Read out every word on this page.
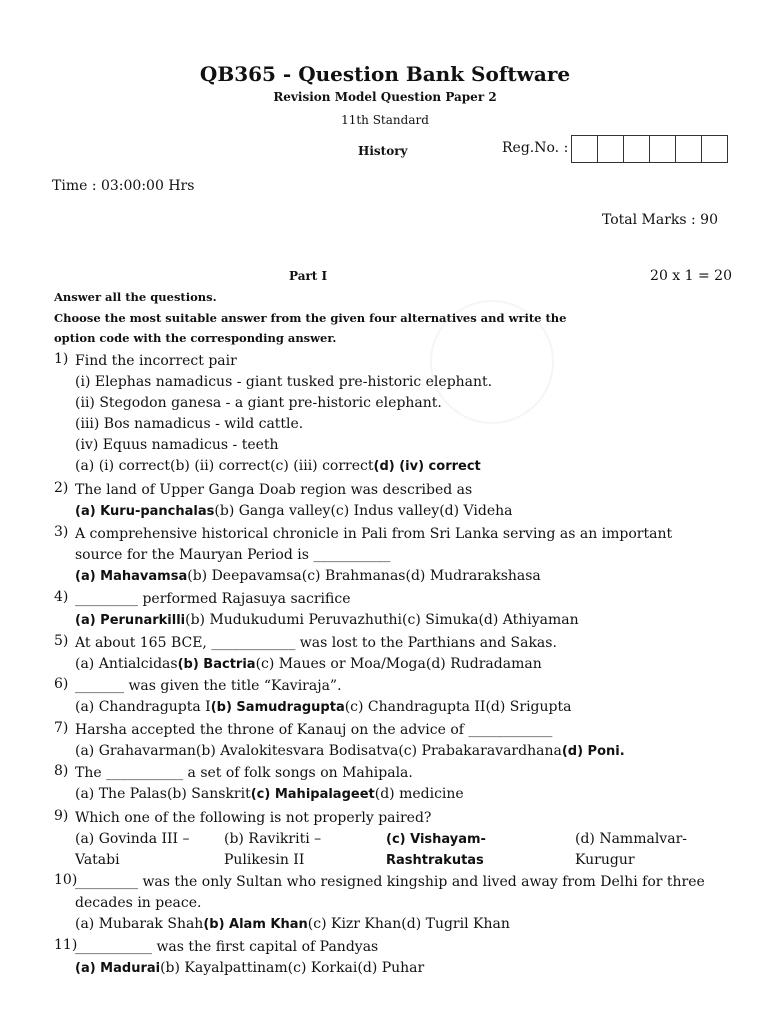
QB365 - Question Bank Software
Revision Model Question Paper 2
11th Standard
History	Reg.No. :
Time : 03:00:00 Hrs
Total Marks : 90
Part I	20 x 1 = 20
Answer all the questions.
Choose the most suitable answer from the given four alternatives and write the
option code with the corresponding answer.
1) Find the incorrect pair
(i) Elephas namadicus - giant tusked pre-historic elephant.
(ii) Stegodon ganesa - a giant pre-historic elephant.
(iii) Bos namadicus - wild cattle.
(iv) Equus namadicus - teeth
(a) (i) correct(b) (ii) correct(c) (iii) correct(d) (iv) correct
2) The land of Upper Ganga Doab region was described as
(a) Kuru-panchalas(b) Ganga valley(c) Indus valley(d) Videha
3) A comprehensive historical chronicle in Pali from Sri Lanka serving as an important
source for the Mauryan Period is ___________
(a) Mahavamsa(b) Deepavamsa(c) Brahmanas(d) Mudrarakshasa
4) _________ performed Rajasuya sacrifice
(a) Perunarkilli(b) Mudukudumi Peruvazhuthi(c) Simuka(d) Athiyaman
5) At about 165 BCE, ____________ was lost to the Parthians and Sakas.
(a) Antialcidas(b) Bactria(c) Maues or Moa/Moga(d) Rudradaman
6) _______ was given the title “Kaviraja”.
(a) Chandragupta I(b) Samudragupta(c) Chandragupta II(d) Srigupta
7) Harsha accepted the throne of Kanauj on the advice of ____________
(a) Grahavarman(b) Avalokitesvara Bodisatva(c) Prabakaravardhana(d) Poni.
8) The ___________ a set of folk songs on Mahipala.
(a) The Palas(b) Sanskrit(c) Mahipalageet(d) medicine
9) Which one of the following is not properly paired?
(a) Govinda III –	(b) Ravikriti –	(c) Vishayam-	(d) Nammalvar-
Vatabi	Pulikesin II	Rashtrakutas	Kurugur
10)
_________ was the only Sultan who resigned kingship and lived away from Delhi for three
decades in peace.
(a) Mubarak Shah(b) Alam Khan(c) Kizr Khan(d) Tugril Khan
11)
___________ was the first capital of Pandyas
(a) Madurai(b) Kayalpattinam(c) Korkai(d) Puhar
